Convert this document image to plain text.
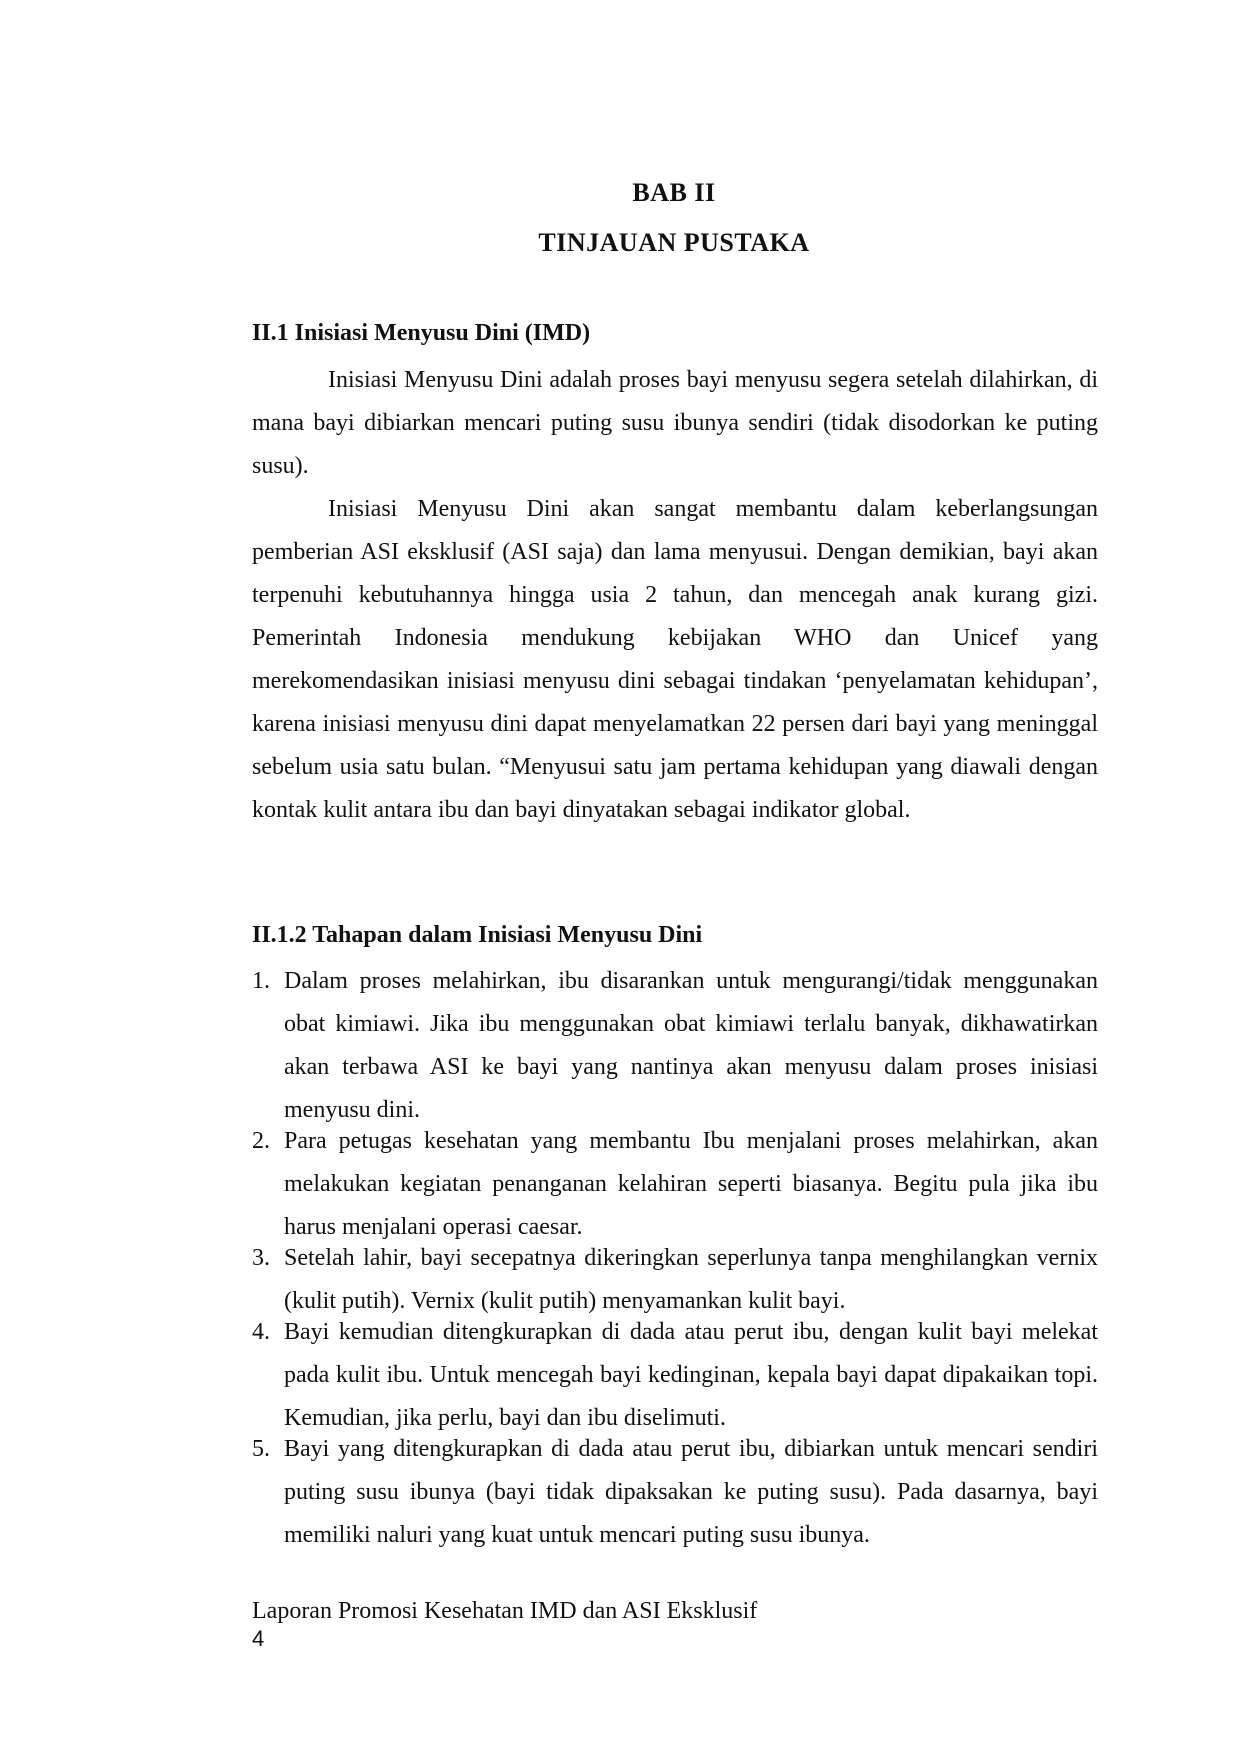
BAB II
TINJAUAN PUSTAKA
II.1 Inisiasi Menyusu Dini (IMD)

Inisiasi Menyusu Dini adalah proses bayi menyusu segera setelah dilahirkan, di mana bayi dibiarkan mencari puting susu ibunya sendiri (tidak disodorkan ke puting susu).

Inisiasi Menyusu Dini akan sangat membantu dalam keberlangsungan pemberian ASI eksklusif (ASI saja) dan lama menyusui. Dengan demikian, bayi akan terpenuhi kebutuhannya hingga usia 2 tahun, dan mencegah anak kurang gizi. Pemerintah Indonesia mendukung kebijakan WHO dan Unicef yang merekomendasikan inisiasi menyusu dini sebagai tindakan ‘penyelamatan kehidupan’, karena inisiasi menyusu dini dapat menyelamatkan 22 persen dari bayi yang meninggal sebelum usia satu bulan. “Menyusui satu jam pertama kehidupan yang diawali dengan kontak kulit antara ibu dan bayi dinyatakan sebagai indikator global.

II.1.2 Tahapan dalam Inisiasi Menyusu Dini
1. Dalam proses melahirkan, ibu disarankan untuk mengurangi/tidak menggunakan obat kimiawi. Jika ibu menggunakan obat kimiawi terlalu banyak, dikhawatirkan akan terbawa ASI ke bayi yang nantinya akan menyusu dalam proses inisiasi menyusu dini.
2. Para petugas kesehatan yang membantu Ibu menjalani proses melahirkan, akan melakukan kegiatan penanganan kelahiran seperti biasanya. Begitu pula jika ibu harus menjalani operasi caesar.
3. Setelah lahir, bayi secepatnya dikeringkan seperlunya tanpa menghilangkan vernix (kulit putih). Vernix (kulit putih) menyamankan kulit bayi.
4. Bayi kemudian ditengkurapkan di dada atau perut ibu, dengan kulit bayi melekat pada kulit ibu. Untuk mencegah bayi kedinginan, kepala bayi dapat dipakaikan topi. Kemudian, jika perlu, bayi dan ibu diselimuti.
5. Bayi yang ditengkurapkan di dada atau perut ibu, dibiarkan untuk mencari sendiri puting susu ibunya (bayi tidak dipaksakan ke puting susu). Pada dasarnya, bayi memiliki naluri yang kuat untuk mencari puting susu ibunya.
Laporan Promosi Kesehatan IMD dan ASI Eksklusif
4
